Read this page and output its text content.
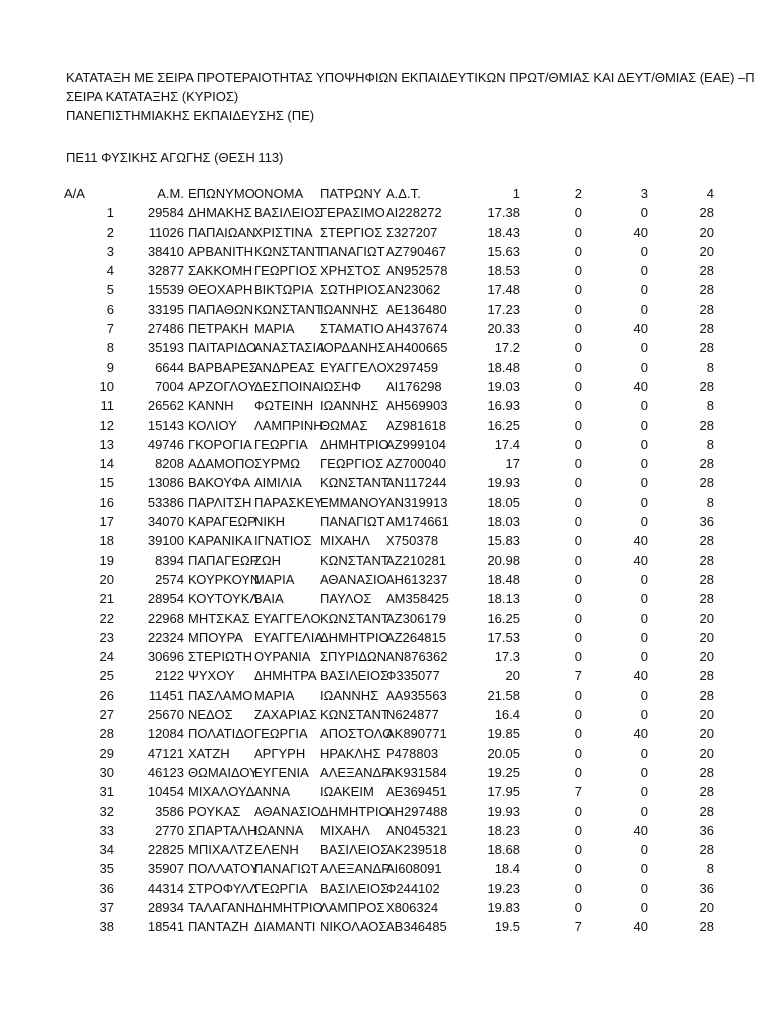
ΚΑΤΑΤΑΞΗ ΜΕ ΣΕΙΡΑ ΠΡΟΤΕΡΑΙΟΤΗΤΑΣ ΥΠΟΨΗΦΙΩΝ ΕΚΠΑΙΔΕΥΤΙΚΩΝ ΠΡΩΤ/ΘΜΙΑΣ ΚΑΙ ΔΕΥΤ/ΘΜΙΑΣ (ΕΑΕ) –Π
ΣΕΙΡΑ ΚΑΤΑΤΑΞΗΣ (ΚΥΡΙΟΣ)
ΠΑΝΕΠΙΣΤΗΜΙΑΚΗΣ ΕΚΠΑΙΔΕΥΣΗΣ (ΠΕ)
ΠΕ11 ΦΥΣΙΚΗΣ ΑΓΩΓΗΣ (ΘΕΣΗ 113)
Α/Α	Α.Μ.	ΕΠΩΝΥΜΟ	ΟΝΟΜΑ	ΠΑΤΡΩΝΥ	Α.Δ.Τ.	1	2	3	4
1	29584	ΔΗΜΑΚΗΣ	ΒΑΣΙΛΕΙΟΣ	ΓΕΡΑΣΙΜΟ	ΑΙ228272	17.38	0	0	28
2	11026	ΠΑΠΑΙΩΑΝ	ΧΡΙΣΤΙΝΑ	ΣΤΕΡΓΙΟΣ	Σ327207	18.43	0	40	20
3	38410	ΑΡΒΑΝΙΤΗ	ΚΩΝΣΤΑΝΤ	ΠΑΝΑΓΙΩΤ	ΑΖ790467	15.63	0	0	20
4	32877	ΣΑΚΚΟΜΗ	ΓΕΩΡΓΙΟΣ	ΧΡΗΣΤΟΣ	ΑΝ952578	18.53	0	0	28
5	15539	ΘΕΟΧΑΡΗ	ΒΙΚΤΩΡΙΑ	ΣΩΤΗΡΙΟΣ	ΑΝ23062	17.48	0	0	28
6	33195	ΠΑΠΑΘΩΝ	ΚΩΝΣΤΑΝΤ	ΙΩΑΝΝΗΣ	ΑΕ136480	17.23	0	0	28
7	27486	ΠΕΤΡΑΚΗ	ΜΑΡΙΑ	ΣΤΑΜΑΤΙΟ	ΑΗ437674	20.33	0	40	28
8	35193	ΠΑΙΤΑΡΙΔΟ	ΑΝΑΣΤΑΣΙΑ	ΙΟΡΔΑΝΗΣ	ΑΗ400665	17.2	0	0	28
9	6644	ΒΑΡΒΑΡΕΣ	ΑΝΔΡΕΑΣ	ΕΥΑΓΓΕΛΟ	Χ297459	18.48	0	0	8
10	7004	ΑΡΖΟΓΛΟΥ	ΔΕΣΠΟΙΝΑ	ΙΩΣΗΦ	ΑΙ176298	19.03	0	40	28
11	26562	ΚΑΝΝΗ	ΦΩΤΕΙΝΗ	ΙΩΑΝΝΗΣ	ΑΗ569903	16.93	0	0	8
12	15143	ΚΟΛΙΟΥ	ΛΑΜΠΡΙΝΗ	ΘΩΜΑΣ	ΑΖ981618	16.25	0	0	28
13	49746	ΓΚΟΡΟΓΙΑ	ΓΕΩΡΓΙΑ	ΔΗΜΗΤΡΙΟ	ΑΖ999104	17.4	0	0	8
14	8208	ΑΔΑΜΟΠΟ	ΣΥΡΜΩ	ΓΕΩΡΓΙΟΣ	ΑΖ700040	17	0	0	28
15	13086	ΒΑΚΟΥΦΑ	ΑΙΜΙΛΙΑ	ΚΩΝΣΤΑΝΤ	ΑΝ117244	19.93	0	0	28
16	53386	ΠΑΡΛΙΤΣΗ	ΠΑΡΑΣΚΕΥ	ΕΜΜΑΝΟΥ	ΑΝ319913	18.05	0	0	8
17	34070	ΚΑΡΑΓΕΩΡ	ΝΙΚΗ	ΠΑΝΑΓΙΩΤ	ΑΜ174661	18.03	0	0	36
18	39100	ΚΑΡΑΝΙΚΑ	ΙΓΝΑΤΙΟΣ	ΜΙΧΑΗΛ	Χ750378	15.83	0	40	28
19	8394	ΠΑΠΑΓΕΩΡ	ΖΩΗ	ΚΩΝΣΤΑΝΤ	ΑΖ210281	20.98	0	40	28
20	2574	ΚΟΥΡΚΟΥΝ	ΜΑΡΙΑ	ΑΘΑΝΑΣΙΟ	ΑΗ613237	18.48	0	0	28
21	28954	ΚΟΥΤΟΥΚΛ	ΒΑΙΑ	ΠΑΥΛΟΣ	ΑΜ358425	18.13	0	0	28
22	22968	ΜΗΤΣΚΑΣ	ΕΥΑΓΓΕΛΟ	ΚΩΝΣΤΑΝΤ	ΑΖ306179	16.25	0	0	20
23	22324	ΜΠΟΥΡΑ	ΕΥΑΓΓΕΛΙΑ	ΔΗΜΗΤΡΙΟ	ΑΖ264815	17.53	0	0	20
24	30696	ΣΤΕΡΙΩΤΗ	ΟΥΡΑΝΙΑ	ΣΠΥΡΙΔΩΝ	ΑΝ876362	17.3	0	0	20
25	2122	ΨΥΧΟΥ	ΔΗΜΗΤΡΑ	ΒΑΣΙΛΕΙΟΣ	Φ335077	20	7	40	28
26	11451	ΠΑΣΛΑΜΟ	ΜΑΡΙΑ	ΙΩΑΝΝΗΣ	ΑΑ935563	21.58	0	0	28
27	25670	ΝΕΔΟΣ	ΖΑΧΑΡΙΑΣ	ΚΩΝΣΤΑΝΤ	Ν624877	16.4	0	0	20
28	12084	ΠΟΛΑΤΙΔΟ	ΓΕΩΡΓΙΑ	ΑΠΟΣΤΟΛΟ	ΑΚ890771	19.85	0	40	20
29	47121	ΧΑΤΖΗ	ΑΡΓΥΡΗ	ΗΡΑΚΛΗΣ	Ρ478803	20.05	0	0	20
30	46123	ΘΩΜΑΙΔΟΥ	ΕΥΓΕΝΙΑ	ΑΛΕΞΑΝΔΡ	ΑΚ931584	19.25	0	0	28
31	10454	ΜΙΧΑΛΟΥΔ	ΑΝΝΑ	ΙΩΑΚΕΙΜ	ΑΕ369451	17.95	7	0	28
32	3586	ΡΟΥΚΑΣ	ΑΘΑΝΑΣΙΟ	ΔΗΜΗΤΡΙΟ	ΑΗ297488	19.93	0	0	28
33	2770	ΣΠΑΡΤΑΛΗ	ΙΩΑΝΝΑ	ΜΙΧΑΗΛ	ΑΝ045321	18.23	0	40	36
34	22825	ΜΠΙΧΑΛΤΖ	ΕΛΕΝΗ	ΒΑΣΙΛΕΙΟΣ	ΑΚ239518	18.68	0	0	28
35	35907	ΠΟΛΛΑΤΟΥ	ΠΑΝΑΓΙΩΤ	ΑΛΕΞΑΝΔΡ	ΑΙ608091	18.4	0	0	8
36	44314	ΣΤΡΟΦΥΛΛ	ΓΕΩΡΓΙΑ	ΒΑΣΙΛΕΙΟΣ	Φ244102	19.23	0	0	36
37	28934	ΤΑΛΑΓΑΝΗ	ΔΗΜΗΤΡΙΟ	ΛΑΜΠΡΟΣ	Χ806324	19.83	0	0	20
38	18541	ΠΑΝΤΑΖΗ	ΔΙΑΜΑΝΤΙ	ΝΙΚΟΛΑΟΣ	ΑΒ346485	19.5	7	40	28
